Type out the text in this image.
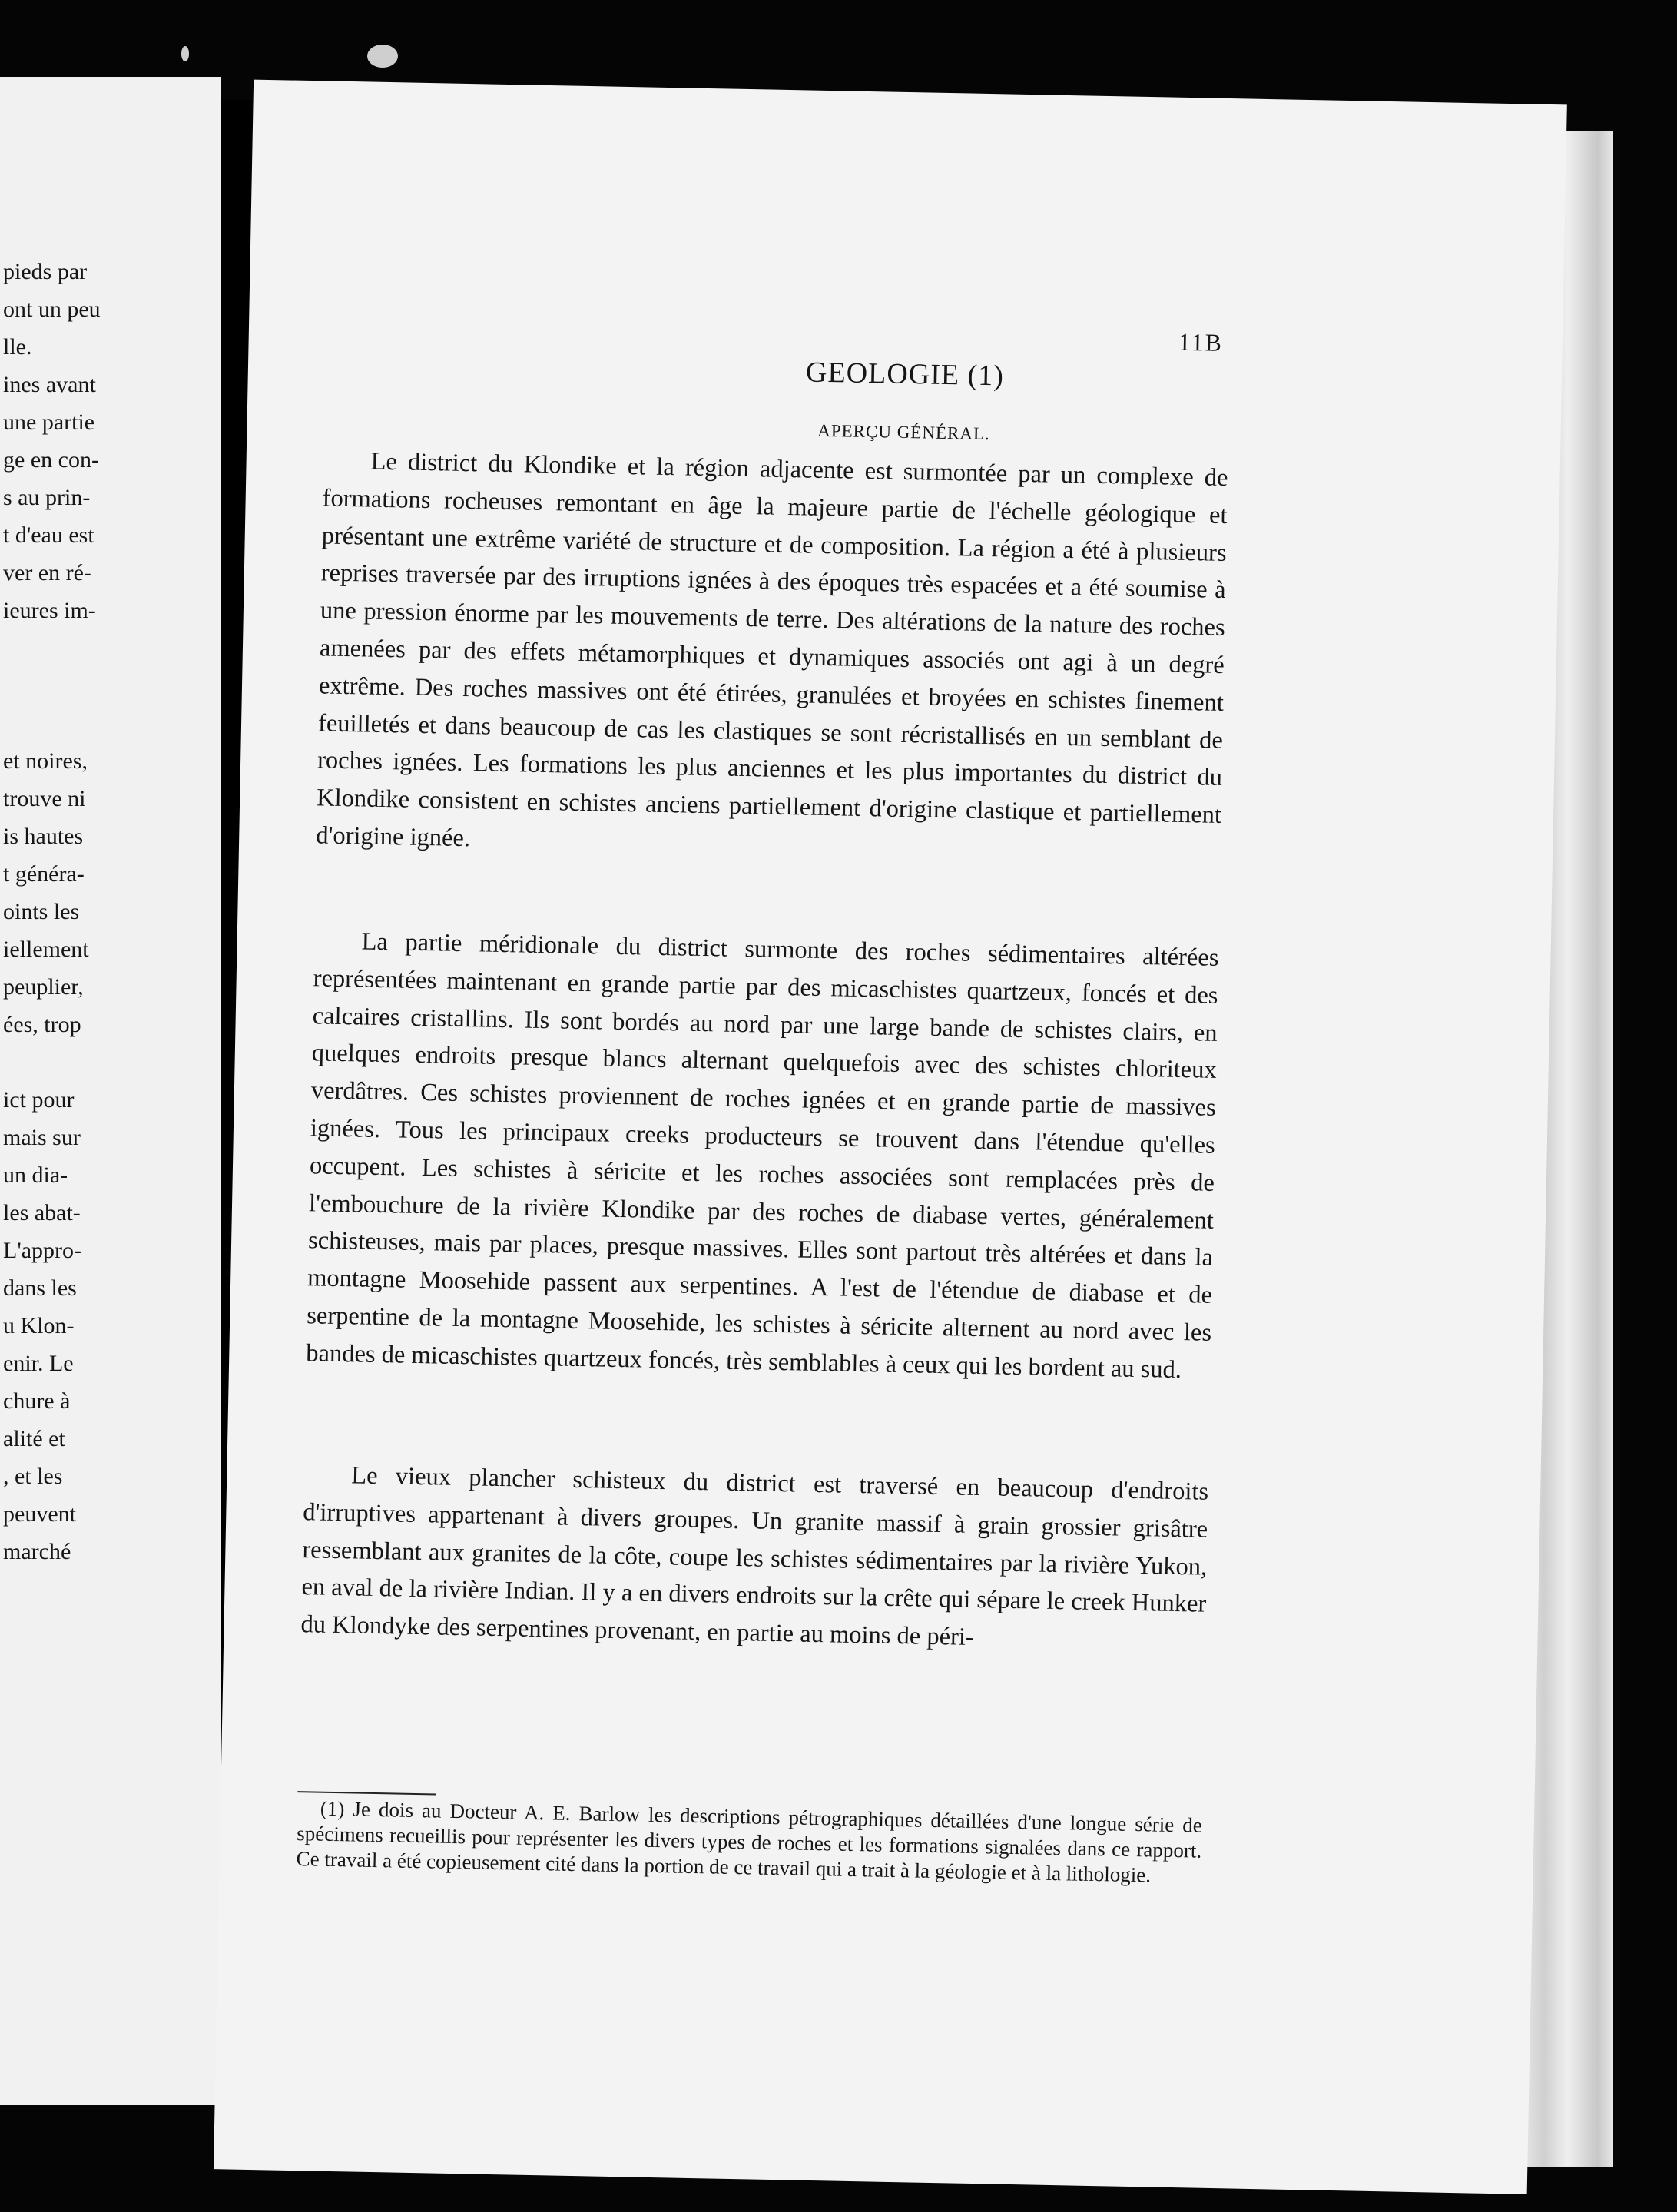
pieds par
ont un peu
lle.
ines avant
une partie
ge en con-
s au prin-
t d'eau est
ver en ré-
ieures im-
et noires,
trouve ni
is hautes
t généra-
oints les
iellement
peuplier,
ées, trop
ict pour
mais sur
un dia-
les abat-
L'appro-
dans les
u Klon-
enir. Le
chure à
alité et
, et les
peuvent
marché
11B
GEOLOGIE (1)
APERÇU GÉNÉRAL.

Le district du Klondike et la région adjacente est surmontée par un complexe de formations rocheuses remontant en âge la majeure partie de l'échelle géologique et présentant une extrême variété de structure et de composition. La région a été à plusieurs reprises traversée par des irruptions ignées à des époques très espacées et a été soumise à une pression énorme par les mouvements de terre. Des altérations de la nature des roches amenées par des effets métamorphiques et dynamiques associés ont agi à un degré extrême. Des roches massives ont été étirées, granulées et broyées en schistes finement feuilletés et dans beaucoup de cas les clastiques se sont récristallisés en un semblant de roches ignées. Les formations les plus anciennes et les plus importantes du district du Klondike consistent en schistes anciens partiellement d'origine clastique et partiellement d'origine ignée.

La partie méridionale du district surmonte des roches sédimentaires altérées représentées maintenant en grande partie par des micaschistes quartzeux, foncés et des calcaires cristallins. Ils sont bordés au nord par une large bande de schistes clairs, en quelques endroits presque blancs alternant quelquefois avec des schistes chloriteux verdâtres. Ces schistes proviennent de roches ignées et en grande partie de massives ignées. Tous les principaux creeks producteurs se trouvent dans l'étendue qu'elles occupent. Les schistes à séricite et les roches associées sont remplacées près de l'embouchure de la rivière Klondike par des roches de diabase vertes, généralement schisteuses, mais par places, presque massives. Elles sont partout très altérées et dans la montagne Moosehide passent aux serpentines. A l'est de l'étendue de diabase et de serpentine de la montagne Moosehide, les schistes à séricite alternent au nord avec les bandes de micaschistes quartzeux foncés, très semblables à ceux qui les bordent au sud.

Le vieux plancher schisteux du district est traversé en beaucoup d'endroits d'irruptives appartenant à divers groupes. Un granite massif à grain grossier grisâtre ressemblant aux granites de la côte, coupe les schistes sédimentaires par la rivière Yukon, en aval de la rivière Indian. Il y a en divers endroits sur la crête qui sépare le creek Hunker du Klondyke des serpentines provenant, en partie au moins de péri-

(1) Je dois au Docteur A. E. Barlow les descriptions pétrographiques détaillées d'une longue série de spécimens recueillis pour représenter les divers types de roches et les formations signalées dans ce rapport. Ce travail a été copieusement cité dans la portion de ce travail qui a trait à la géologie et à la lithologie.
